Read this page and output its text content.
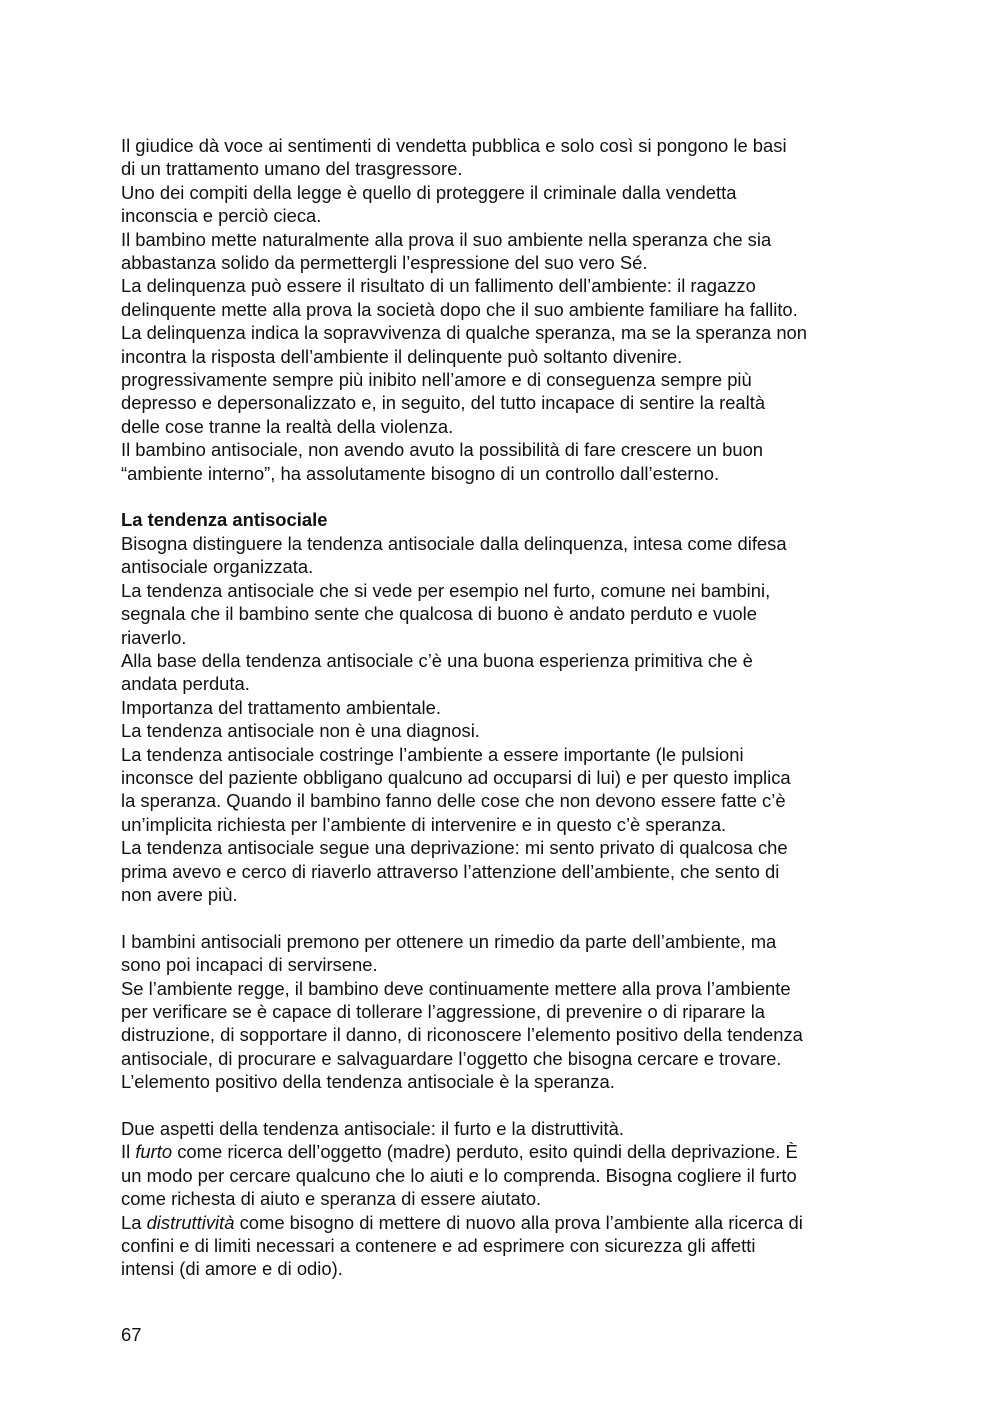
Il giudice dà voce ai sentimenti di vendetta pubblica e solo così si pongono le basi
di un trattamento umano del trasgressore.
Uno dei compiti della legge è quello di proteggere il criminale dalla vendetta
inconscia e perciò cieca.
Il bambino mette naturalmente alla prova il suo ambiente nella speranza che sia
abbastanza solido da permettergli l’espressione del suo vero Sé.
La delinquenza può essere il risultato di un fallimento dell’ambiente: il ragazzo
delinquente mette alla prova la società dopo che il suo ambiente familiare ha fallito.
La delinquenza indica la sopravvivenza di qualche speranza, ma se la speranza non
incontra la risposta dell’ambiente il delinquente può soltanto divenire.
progressivamente sempre più inibito nell’amore e di conseguenza sempre più
depresso e depersonalizzato e, in seguito, del tutto incapace di sentire la realtà
delle cose tranne la realtà della violenza.
Il bambino antisociale, non avendo avuto la possibilità di fare crescere un buon
“ambiente interno”, ha assolutamente bisogno di un controllo dall’esterno.
La tendenza antisociale
Bisogna distinguere la tendenza antisociale dalla delinquenza, intesa come difesa
antisociale organizzata.
La tendenza antisociale che si vede per esempio nel furto, comune nei bambini,
segnala che il bambino sente che qualcosa di buono è andato perduto e vuole
riaverlo.
Alla base della tendenza antisociale c’è una buona esperienza primitiva che è
andata perduta.
Importanza del trattamento ambientale.
La tendenza antisociale non è una diagnosi.
La tendenza antisociale costringe l’ambiente a essere importante (le pulsioni
inconsce del paziente obbligano qualcuno ad occuparsi di lui) e per questo implica
la speranza. Quando il bambino fanno delle cose che non devono essere fatte c’è
un’implicita richiesta per l’ambiente di intervenire e in questo c’è speranza.
La tendenza antisociale segue una deprivazione: mi sento privato di qualcosa che
prima avevo e cerco di riaverlo attraverso l’attenzione dell’ambiente, che sento di
non avere più.
I bambini antisociali premono per ottenere un rimedio da parte dell’ambiente, ma
sono poi incapaci di servirsene.
Se l’ambiente regge, il bambino deve continuamente mettere alla prova l’ambiente
per verificare se è capace di tollerare l’aggressione, di prevenire o di riparare la
distruzione, di sopportare il danno, di riconoscere l’elemento positivo della tendenza
antisociale, di procurare e salvaguardare l’oggetto che bisogna cercare e trovare.
L’elemento positivo della tendenza antisociale è la speranza.
Due aspetti della tendenza antisociale: il furto e la distruttività.
Il furto come ricerca dell’oggetto (madre) perduto, esito quindi della deprivazione. È
un modo per cercare qualcuno che lo aiuti e lo comprenda. Bisogna cogliere il furto
come richesta di aiuto e speranza di essere aiutato.
La distruttività come bisogno di mettere di nuovo alla prova l’ambiente alla ricerca di
confini e di limiti necessari a contenere e ad esprimere con sicurezza gli affetti
intensi (di amore e di odio).
67
